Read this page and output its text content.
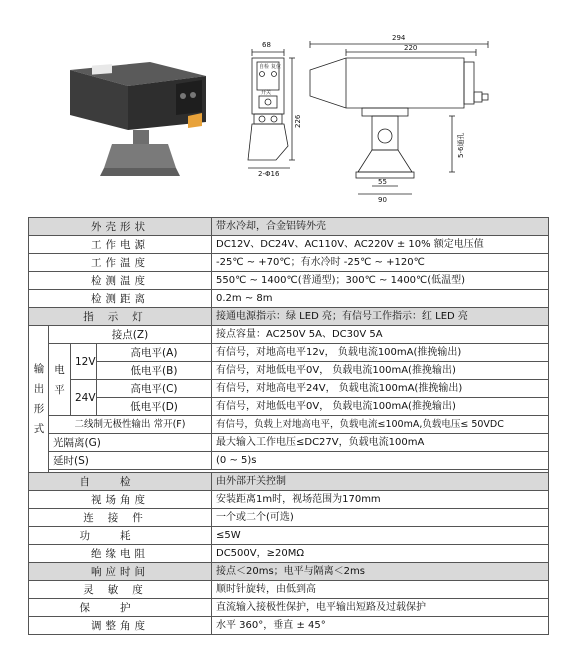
68
自检 复位
开关
226
2-Φ16
294
220
5-6通孔
55
90
外壳形状				带水冷却，合金铝铸外壳
工作电源				DC12V、DC24V、AC110V、AC220V ± 10% 额定电压值
工作温度				-25℃ ~ +70℃；有水冷时 -25℃ ~ +120℃
检测温度				550℃ ~ 1400℃(普通型)；300℃ ~ 1400℃(低温型)
检测距离				0.2m ~ 8m
指示灯				接通电源指示：绿 LED 亮；有信号工作指示：红 LED 亮
输出形式	接点(Z)			接点容量：AC250V 5A、DC30V 5A
	电平	12V	高电平(A)	有信号，对地高电平12v， 负载电流100mA(推挽输出)
			低电平(B)	有信号，对地低电平0V， 负载电流100mA(推挽输出)
		24V	高电平(C)	有信号，对地高电平24V， 负载电流100mA(推挽输出)
			低电平(D)	有信号，对地低电平0V， 负载电流100mA(推挽输出)
	二线制无极性输出 常开(F)			有信号，负载上对地高电平，负载电流≤100mA,负载电压≤ 50VDC
	光隔离(G)			最大输入工作电压≤DC27V，负载电流100mA
	延时(S)			(0 ~ 5)s

自检				由外部开关控制
视场角度				安装距离1m时，视场范围为170mm
连接件				一个或二个(可选)
功耗				≤5W
绝缘电阻				DC500V，≥20MΩ
响应时间				接点＜20ms；电平与隔离＜2ms
灵敏度				顺时针旋转，由低到高
保护				直流输入接极性保护，电平输出短路及过载保护
调整角度				水平 360°，垂直 ± 45°
